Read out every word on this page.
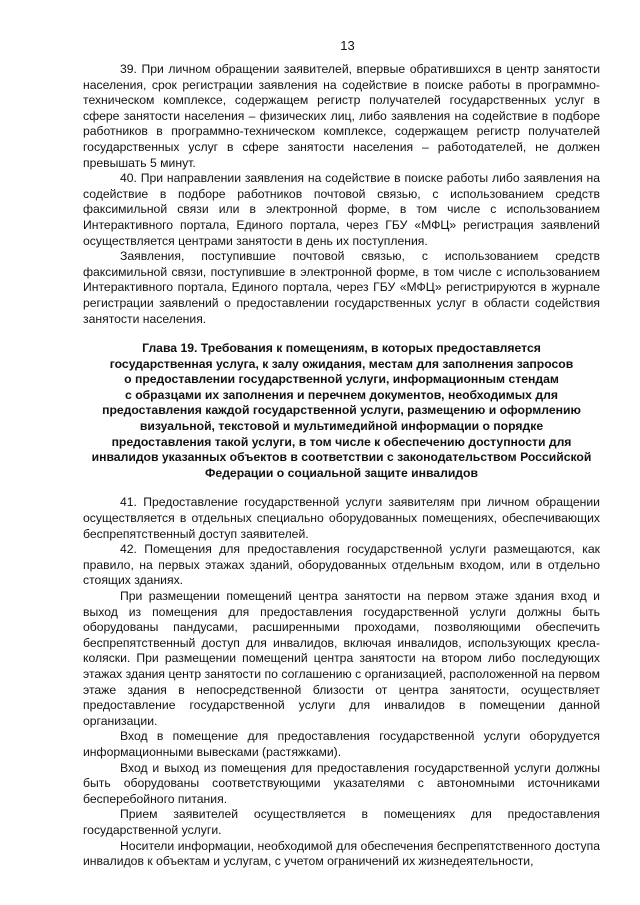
13

39. При личном обращении заявителей, впервые обратившихся в центр занятости населения, срок регистрации заявления на содействие в поиске работы в программно-техническом комплексе, содержащем регистр получателей государственных услуг в сфере занятости населения – физических лиц, либо заявления на содействие в подборе работников в программно-техническом комплексе, содержащем регистр получателей государственных услуг в сфере занятости населения – работодателей, не должен превышать 5 минут.

40. При направлении заявления на содействие в поиске работы либо заявления на содействие в подборе работников почтовой связью, с использованием средств факсимильной связи или в электронной форме, в том числе с использованием Интерактивного портала, Единого портала, через ГБУ «МФЦ» регистрация заявлений осуществляется центрами занятости в день их поступления.

Заявления, поступившие почтовой связью, с использованием средств факсимильной связи, поступившие в электронной форме, в том числе с использованием Интерактивного портала, Единого портала, через ГБУ «МФЦ» регистрируются в журнале регистрации заявлений о предоставлении государственных услуг в области содействия занятости населения.

Глава 19. Требования к помещениям, в которых предоставляется
государственная услуга, к залу ожидания, местам для заполнения запросов
о предоставлении государственной услуги, информационным стендам
с образцами их заполнения и перечнем документов, необходимых для
предоставления каждой государственной услуги, размещению и оформлению
визуальной, текстовой и мультимедийной информации о порядке
предоставления такой услуги, в том числе к обеспечению доступности для
инвалидов указанных объектов в соответствии с законодательством Российской
Федерации о социальной защите инвалидов

41. Предоставление государственной услуги заявителям при личном обращении осуществляется в отдельных специально оборудованных помещениях, обеспечивающих беспрепятственный доступ заявителей.

42. Помещения для предоставления государственной услуги размещаются, как правило, на первых этажах зданий, оборудованных отдельным входом, или в отдельно стоящих зданиях.

При размещении помещений центра занятости на первом этаже здания вход и выход из помещения для предоставления государственной услуги должны быть оборудованы пандусами, расширенными проходами, позволяющими обеспечить беспрепятственный доступ для инвалидов, включая инвалидов, использующих кресла-коляски. При размещении помещений центра занятости на втором либо последующих этажах здания центр занятости по соглашению с организацией, расположенной на первом этаже здания в непосредственной близости от центра занятости, осуществляет предоставление государственной услуги для инвалидов в помещении данной организации.

Вход в помещение для предоставления государственной услуги оборудуется информационными вывесками (растяжками).

Вход и выход из помещения для предоставления государственной услуги должны быть оборудованы соответствующими указателями с автономными источниками бесперебойного питания.

Прием заявителей осуществляется в помещениях для предоставления государственной услуги.

Носители информации, необходимой для обеспечения беспрепятственного доступа инвалидов к объектам и услугам, с учетом ограничений их жизнедеятельности,
